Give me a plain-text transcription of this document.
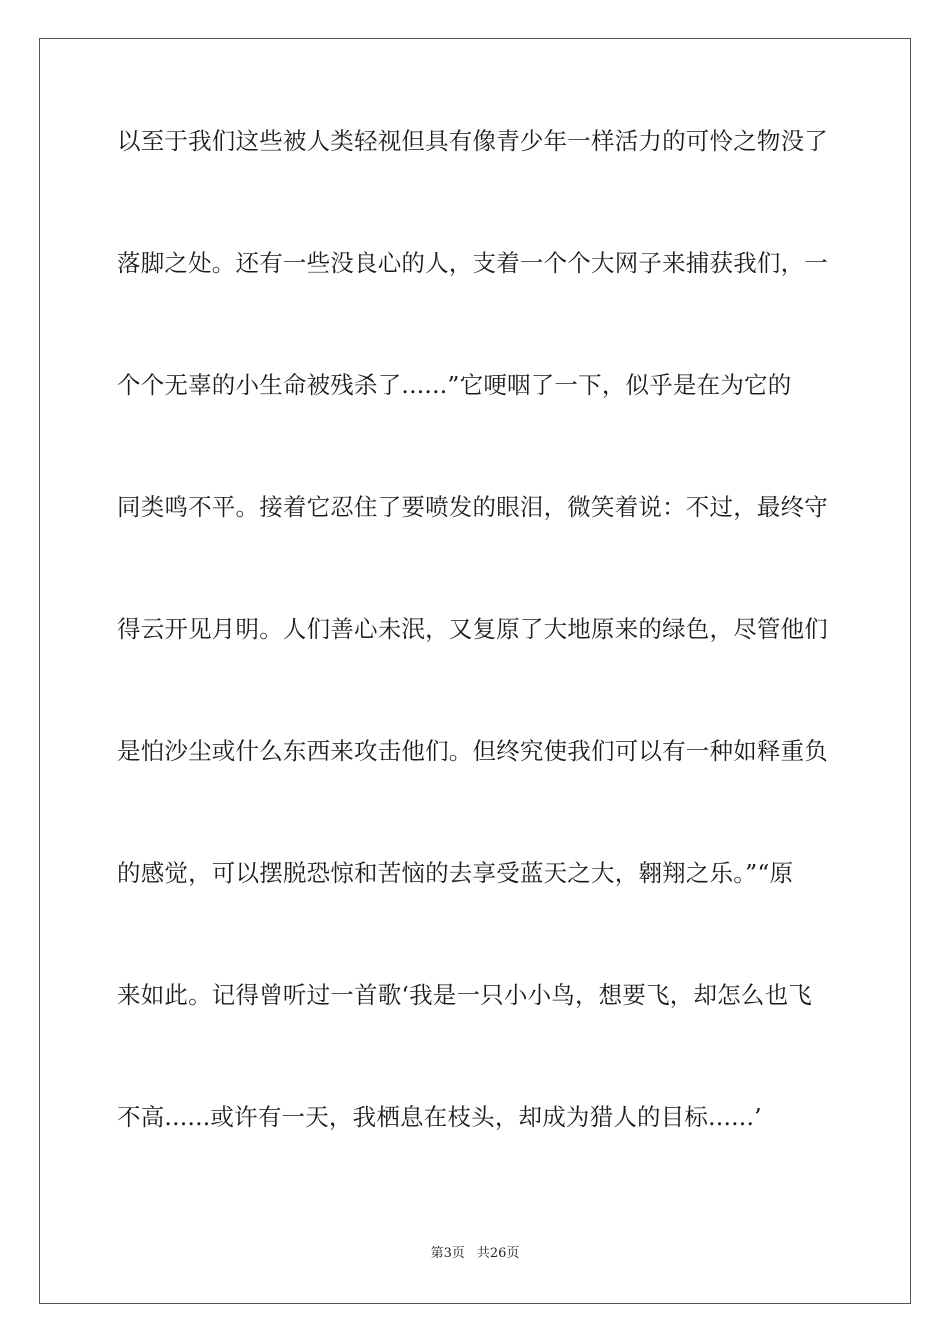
以至于我们这些被人类轻视但具有像青少年一样活力的可怜之物没了
落脚之处。还有一些没良心的人，支着一个个大网子来捕获我们，一
个个无辜的小生命被残杀了......”它哽咽了一下，似乎是在为它的
同类鸣不平。接着它忍住了要喷发的眼泪，微笑着说：不过，最终守
得云开见月明。人们善心未泯，又复原了大地原来的绿色，尽管他们
是怕沙尘或什么东西来攻击他们。但终究使我们可以有一种如释重负
的感觉，可以摆脱恐惊和苦恼的去享受蓝天之大，翱翔之乐。”“原
来如此。记得曾听过一首歌‘我是一只小小鸟，想要飞，却怎么也飞
不高......或许有一天，我栖息在枝头，却成为猎人的目标......’
第3页 共26页
